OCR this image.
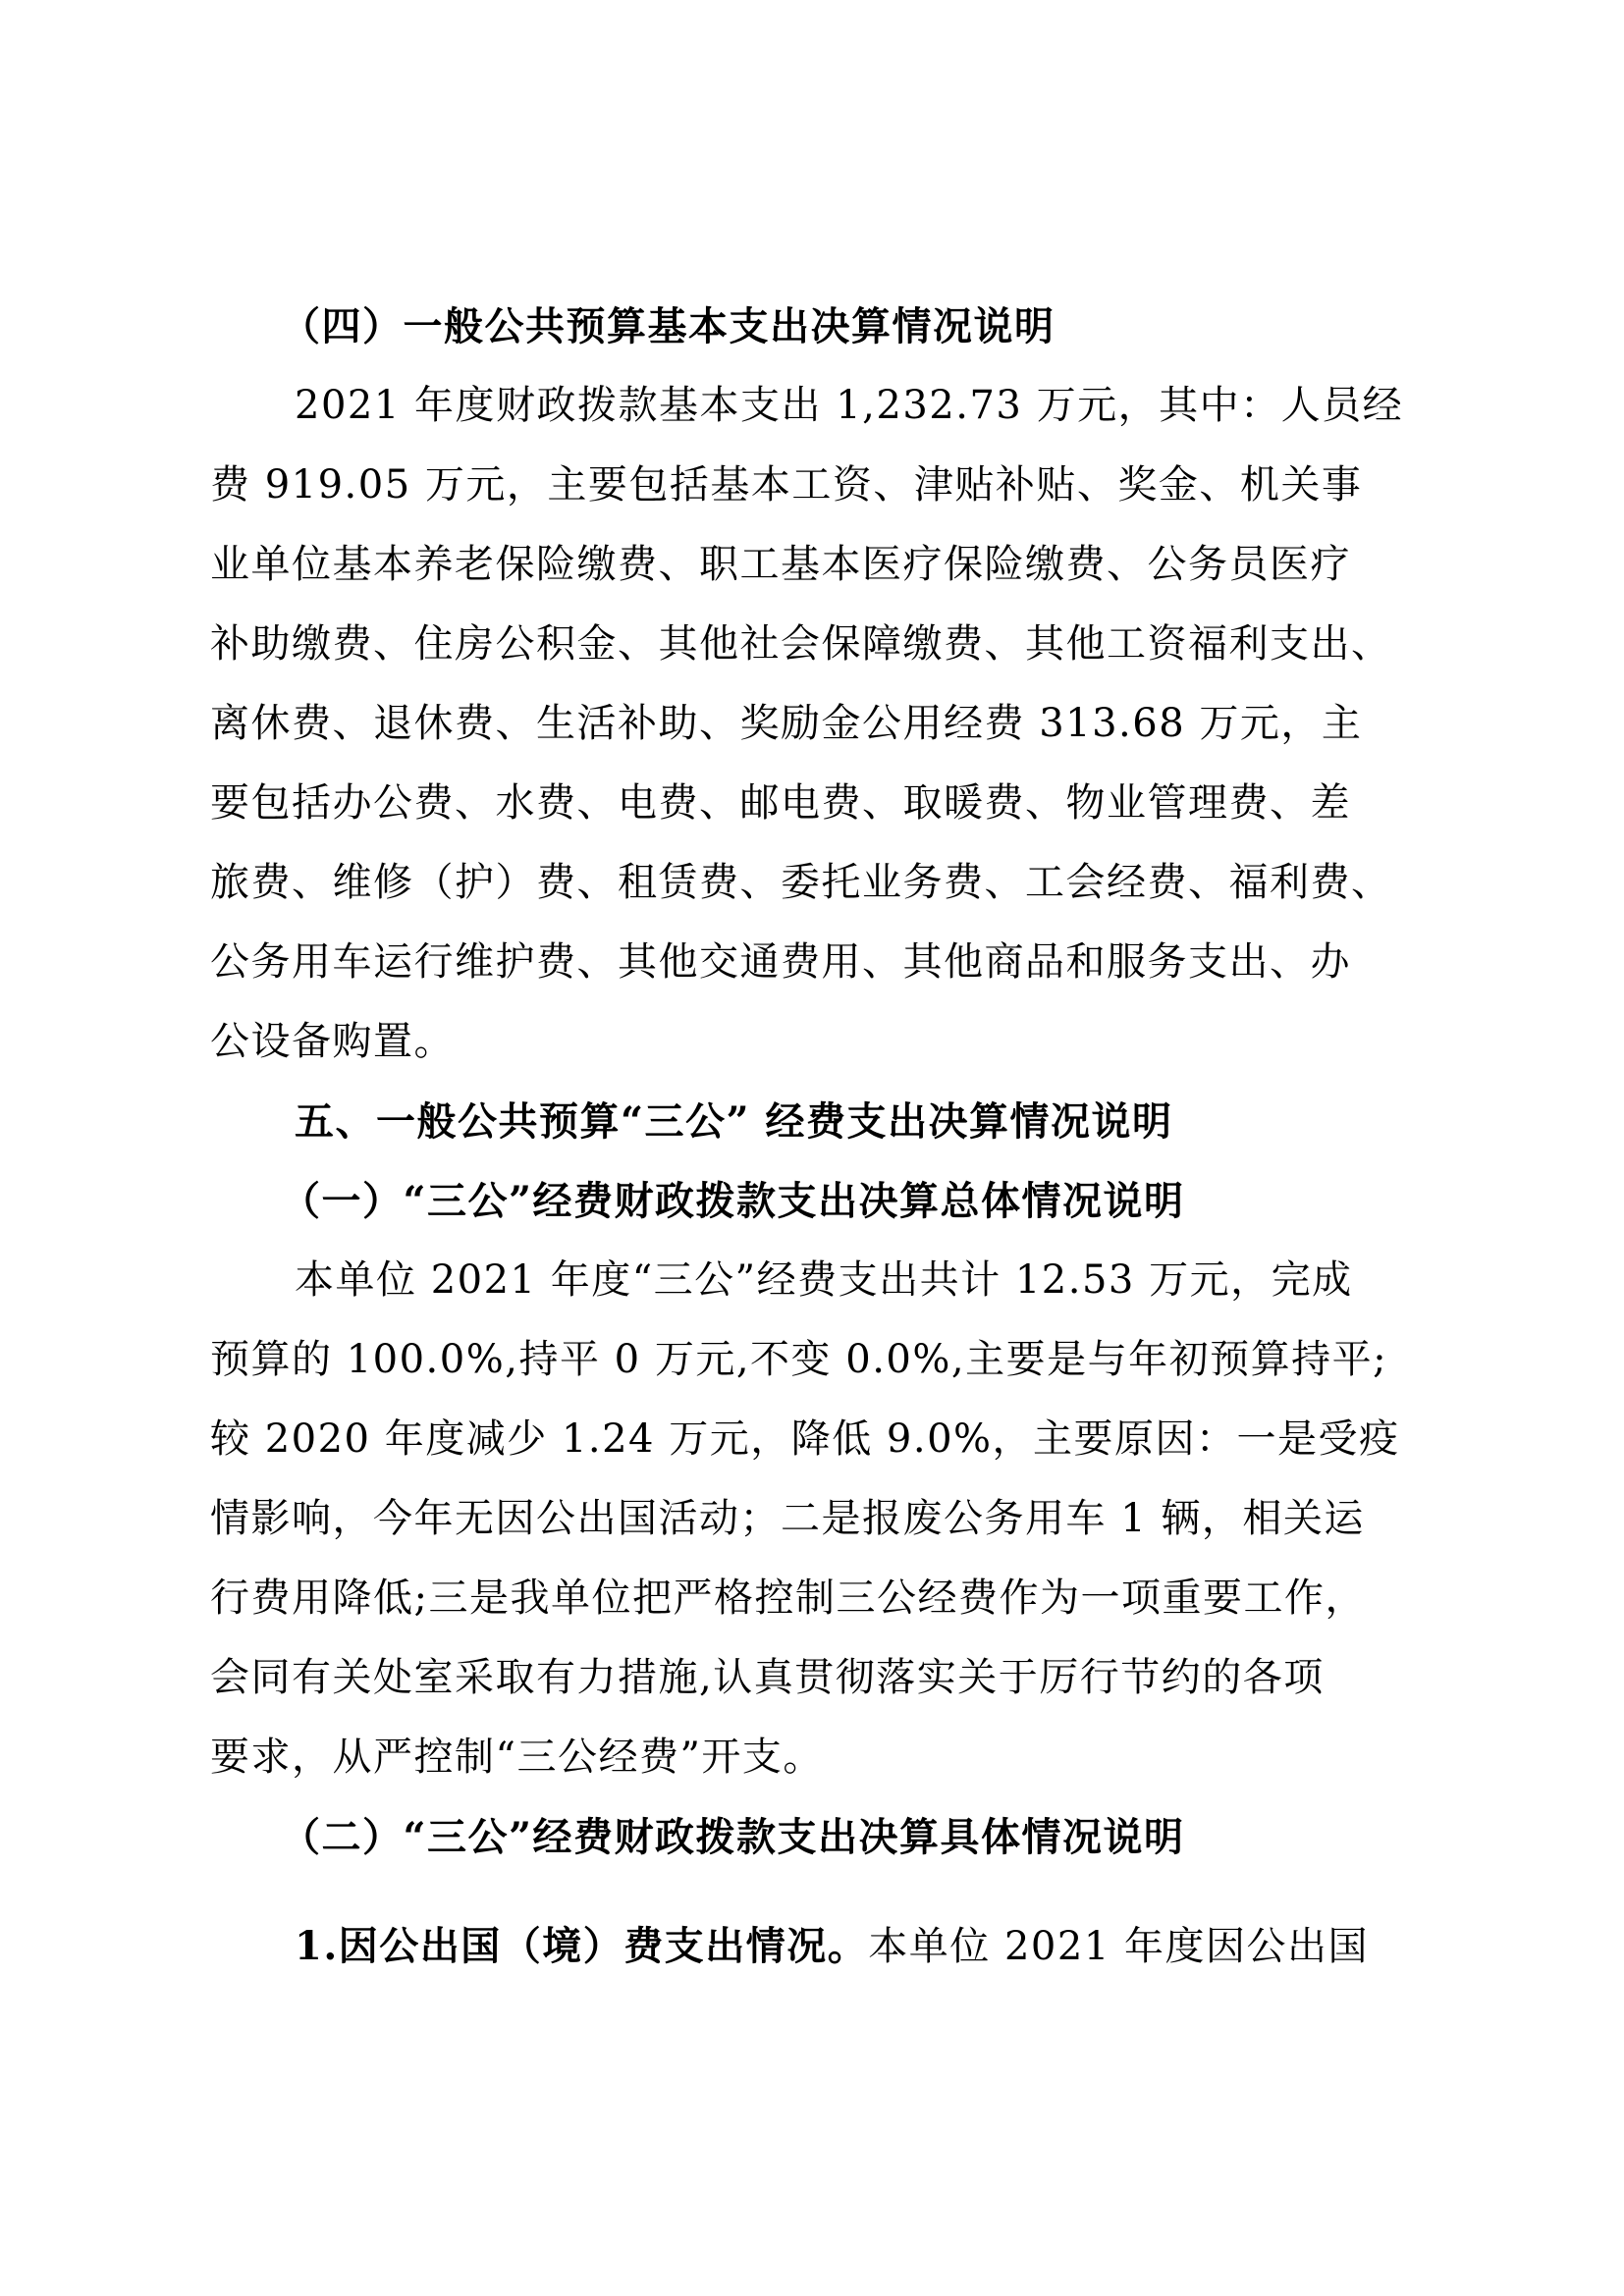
（四）一般公共预算基本支出决算情况说明
2021 年度财政拨款基本支出 1,232.73 万元，其中：人员经
费 919.05 万元，主要包括基本工资、津贴补贴、奖金、机关事
业单位基本养老保险缴费、职工基本医疗保险缴费、公务员医疗
补助缴费、住房公积金、其他社会保障缴费、其他工资福利支出、
离休费、退休费、生活补助、奖励金公用经费 313.68 万元，主
要包括办公费、水费、电费、邮电费、取暖费、物业管理费、差
旅费、维修（护）费、租赁费、委托业务费、工会经费、福利费、
公务用车运行维护费、其他交通费用、其他商品和服务支出、办
公设备购置。
五、一般公共预算“三公” 经费支出决算情况说明
（一）“三公”经费财政拨款支出决算总体情况说明
本单位 2021 年度“三公”经费支出共计 12.53 万元，完成
预算的 100.0%,持平 0 万元,不变 0.0%,主要是与年初预算持平;
较 2020 年度减少 1.24 万元，降低 9.0%，主要原因：一是受疫
情影响，今年无因公出国活动；二是报废公务用车 1 辆，相关运
行费用降低;三是我单位把严格控制三公经费作为一项重要工作，
会同有关处室采取有力措施,认真贯彻落实关于厉行节约的各项
要求，从严控制“三公经费”开支。
（二）“三公”经费财政拨款支出决算具体情况说明
1.因公出国（境）费支出情况。本单位 2021 年度因公出国
